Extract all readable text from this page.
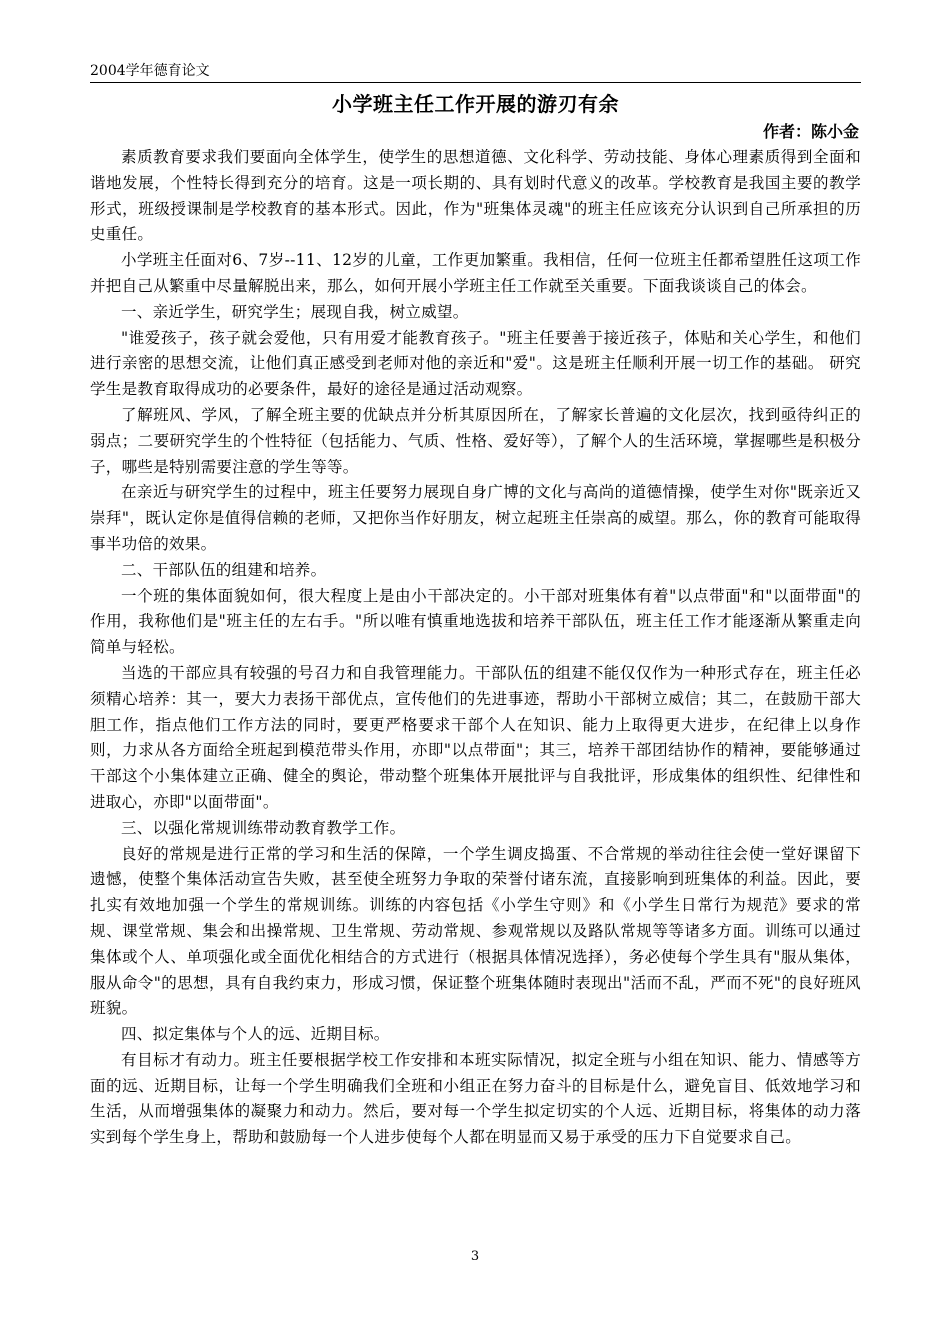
2004学年德育论文
小学班主任工作开展的游刃有余
作者：陈小金

素质教育要求我们要面向全体学生，使学生的思想道德、文化科学、劳动技能、身体心理素质得到全面和谐地发展，个性特长得到充分的培育。这是一项长期的、具有划时代意义的改革。学校教育是我国主要的教学形式，班级授课制是学校教育的基本形式。因此，作为"班集体灵魂"的班主任应该充分认识到自己所承担的历史重任。

小学班主任面对6、7岁--11、12岁的儿童，工作更加繁重。我相信，任何一位班主任都希望胜任这项工作并把自己从繁重中尽量解脱出来，那么，如何开展小学班主任工作就至关重要。下面我谈谈自己的体会。

一、亲近学生，研究学生；展现自我，树立威望。

"谁爱孩子，孩子就会爱他，只有用爱才能教育孩子。"班主任要善于接近孩子，体贴和关心学生，和他们进行亲密的思想交流，让他们真正感受到老师对他的亲近和"爱"。这是班主任顺利开展一切工作的基础。 研究学生是教育取得成功的必要条件，最好的途径是通过活动观察。

了解班风、学风，了解全班主要的优缺点并分析其原因所在，了解家长普遍的文化层次，找到亟待纠正的弱点；二要研究学生的个性特征（包括能力、气质、性格、爱好等），了解个人的生活环境，掌握哪些是积极分子，哪些是特别需要注意的学生等等。

在亲近与研究学生的过程中，班主任要努力展现自身广博的文化与高尚的道德情操，使学生对你"既亲近又崇拜"，既认定你是值得信赖的老师，又把你当作好朋友，树立起班主任崇高的威望。那么，你的教育可能取得事半功倍的效果。

二、干部队伍的组建和培养。

一个班的集体面貌如何，很大程度上是由小干部决定的。小干部对班集体有着"以点带面"和"以面带面"的作用，我称他们是"班主任的左右手。"所以唯有慎重地选拔和培养干部队伍，班主任工作才能逐渐从繁重走向简单与轻松。

当选的干部应具有较强的号召力和自我管理能力。干部队伍的组建不能仅仅作为一种形式存在，班主任必须精心培养：其一，要大力表扬干部优点，宣传他们的先进事迹，帮助小干部树立威信；其二，在鼓励干部大胆工作，指点他们工作方法的同时，要更严格要求干部个人在知识、能力上取得更大进步，在纪律上以身作则，力求从各方面给全班起到模范带头作用，亦即"以点带面"；其三，培养干部团结协作的精神，要能够通过干部这个小集体建立正确、健全的舆论，带动整个班集体开展批评与自我批评，形成集体的组织性、纪律性和进取心，亦即"以面带面"。

三、以强化常规训练带动教育教学工作。

良好的常规是进行正常的学习和生活的保障，一个学生调皮捣蛋、不合常规的举动往往会使一堂好课留下遗憾，使整个集体活动宣告失败，甚至使全班努力争取的荣誉付诸东流，直接影响到班集体的利益。因此，要扎实有效地加强一个学生的常规训练。训练的内容包括《小学生守则》和《小学生日常行为规范》要求的常规、课堂常规、集会和出操常规、卫生常规、劳动常规、参观常规以及路队常规等等诸多方面。训练可以通过集体或个人、单项强化或全面优化相结合的方式进行（根据具体情况选择），务必使每个学生具有"服从集体，服从命令"的思想，具有自我约束力，形成习惯，保证整个班集体随时表现出"活而不乱，严而不死"的良好班风班貌。

四、拟定集体与个人的远、近期目标。

有目标才有动力。班主任要根据学校工作安排和本班实际情况，拟定全班与小组在知识、能力、情感等方面的远、近期目标，让每一个学生明确我们全班和小组正在努力奋斗的目标是什么，避免盲目、低效地学习和生活，从而增强集体的凝聚力和动力。然后，要对每一个学生拟定切实的个人远、近期目标，将集体的动力落实到每个学生身上，帮助和鼓励每一个人进步使每个人都在明显而又易于承受的压力下自觉要求自己。

3
